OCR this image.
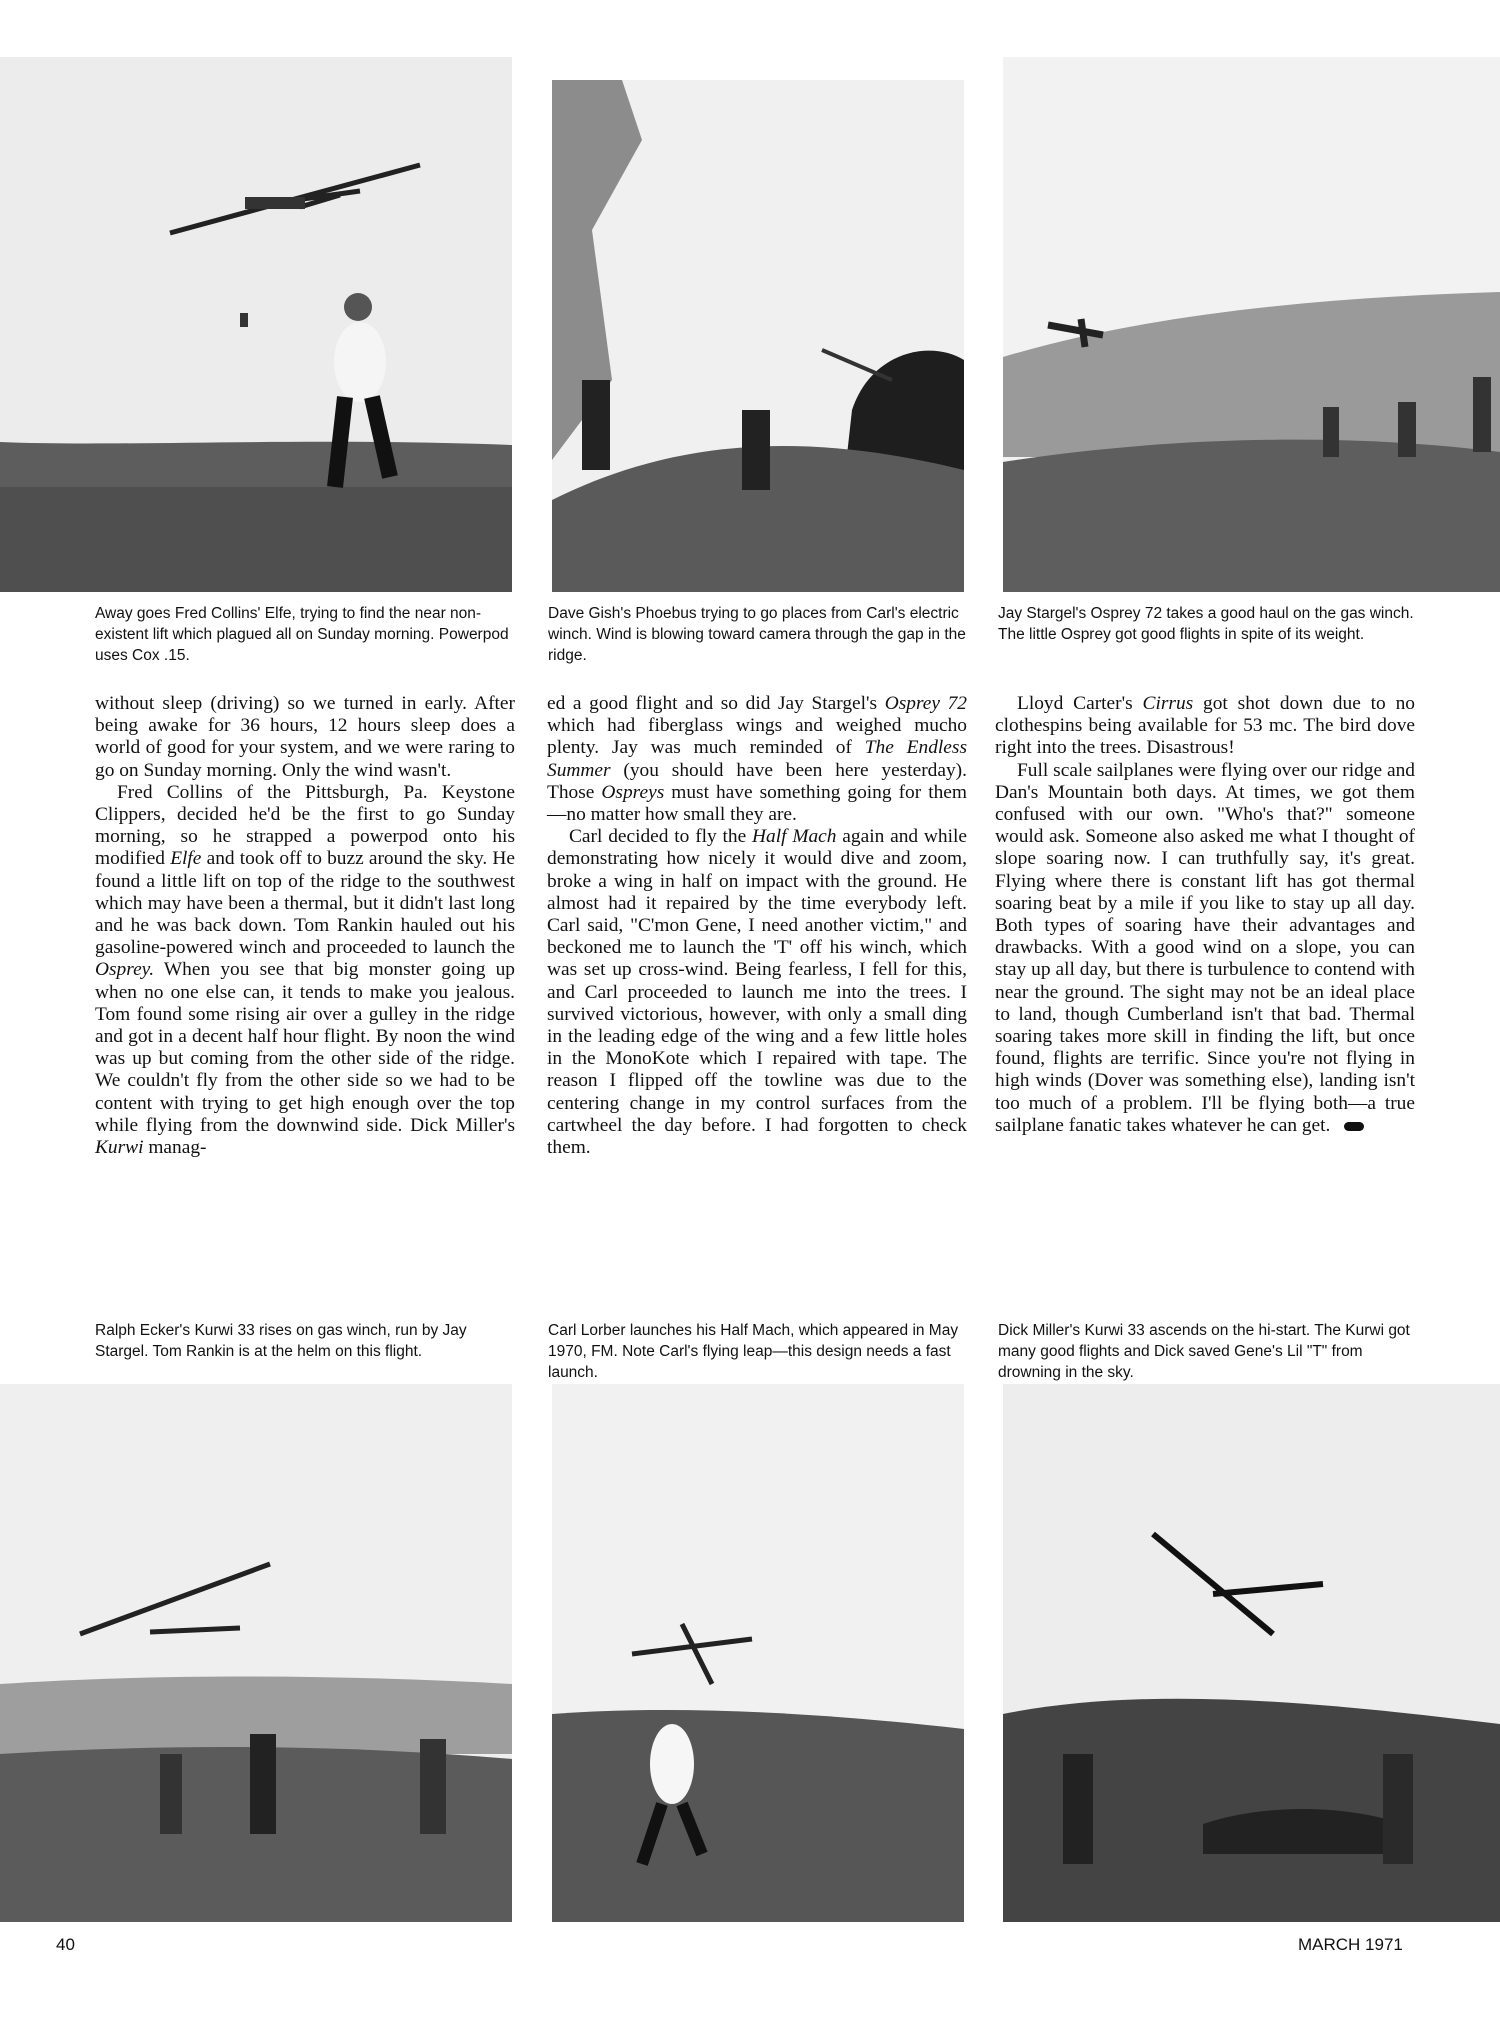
Away goes Fred Collins' Elfe, trying to find the near non-existent lift which plagued all on Sunday morning. Powerpod uses Cox .15.
Dave Gish's Phoebus trying to go places from Carl's electric winch. Wind is blowing toward camera through the gap in the ridge.
Jay Stargel's Osprey 72 takes a good haul on the gas winch. The little Osprey got good flights in spite of its weight.

without sleep (driving) so we turned in early. After being awake for 36 hours, 12 hours sleep does a world of good for your system, and we were raring to go on Sunday morning. Only the wind wasn't.

Fred Collins of the Pittsburgh, Pa. Keystone Clippers, decided he'd be the first to go Sunday morning, so he strapped a powerpod onto his modified Elfe and took off to buzz around the sky. He found a little lift on top of the ridge to the southwest which may have been a thermal, but it didn't last long and he was back down. Tom Rankin hauled out his gasoline-powered winch and proceeded to launch the Osprey. When you see that big monster going up when no one else can, it tends to make you jealous. Tom found some rising air over a gulley in the ridge and got in a decent half hour flight. By noon the wind was up but coming from the other side of the ridge. We couldn't fly from the other side so we had to be content with trying to get high enough over the top while flying from the downwind side. Dick Miller's Kurwi manag-

ed a good flight and so did Jay Stargel's Osprey 72 which had fiberglass wings and weighed mucho plenty. Jay was much reminded of The Endless Summer (you should have been here yesterday). Those Ospreys must have something going for them—no matter how small they are.

Carl decided to fly the Half Mach again and while demonstrating how nicely it would dive and zoom, broke a wing in half on impact with the ground. He almost had it repaired by the time everybody left. Carl said, "C'mon Gene, I need another victim," and beckoned me to launch the 'T' off his winch, which was set up cross-wind. Being fearless, I fell for this, and Carl proceeded to launch me into the trees. I survived victorious, however, with only a small ding in the leading edge of the wing and a few little holes in the MonoKote which I repaired with tape. The reason I flipped off the towline was due to the centering change in my control surfaces from the cartwheel the day before. I had forgotten to check them.

Lloyd Carter's Cirrus got shot down due to no clothespins being available for 53 mc. The bird dove right into the trees. Disastrous!

Full scale sailplanes were flying over our ridge and Dan's Mountain both days. At times, we got them confused with our own. "Who's that?" someone would ask. Someone also asked me what I thought of slope soaring now. I can truthfully say, it's great. Flying where there is constant lift has got thermal soaring beat by a mile if you like to stay up all day. Both types of soaring have their advantages and drawbacks. With a good wind on a slope, you can stay up all day, but there is turbulence to contend with near the ground. The sight may not be an ideal place to land, though Cumberland isn't that bad. Thermal soaring takes more skill in finding the lift, but once found, flights are terrific. Since you're not flying in high winds (Dover was something else), landing isn't too much of a problem. I'll be flying both—a true sailplane fanatic takes whatever he can get.

Ralph Ecker's Kurwi 33 rises on gas winch, run by Jay Stargel. Tom Rankin is at the helm on this flight.
Carl Lorber launches his Half Mach, which appeared in May 1970, FM. Note Carl's flying leap—this design needs a fast launch.
Dick Miller's Kurwi 33 ascends on the hi-start. The Kurwi got many good flights and Dick saved Gene's Lil "T" from drowning in the sky.
40	MARCH 1971
